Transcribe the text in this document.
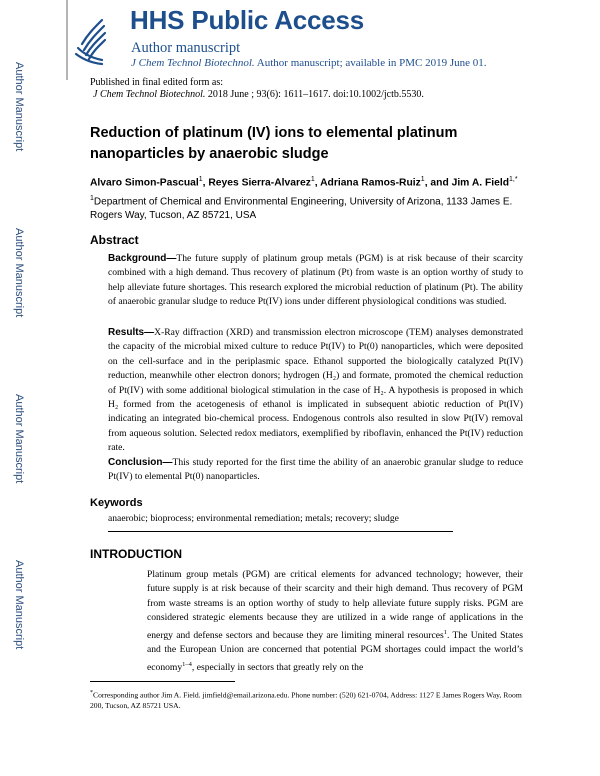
Author Manuscript
Author Manuscript
Author Manuscript
Author Manuscript
HHS Public Access
Author manuscript
J Chem Technol Biotechnol. Author manuscript; available in PMC 2019 June 01.
Published in final edited form as:
J Chem Technol Biotechnol. 2018 June ; 93(6): 1611–1617. doi:10.1002/jctb.5530.
Reduction of platinum (IV) ions to elemental platinum nanoparticles by anaerobic sludge
Alvaro Simon-Pascual$^1$, Reyes Sierra-Alvarez$^1$, Adriana Ramos-Ruiz$^1$, and Jim A. Field$^{1,*}$
$^1$Department of Chemical and Environmental Engineering, University of Arizona, 1133 James E. Rogers Way, Tucson, AZ 85721, USA
Abstract
Background—The future supply of platinum group metals (PGM) is at risk because of their scarcity combined with a high demand. Thus recovery of platinum (Pt) from waste is an option worthy of study to help alleviate future shortages. This research explored the microbial reduction of platinum (Pt). The ability of anaerobic granular sludge to reduce Pt(IV) ions under different physiological conditions was studied.
Results—X-Ray diffraction (XRD) and transmission electron microscope (TEM) analyses demonstrated the capacity of the microbial mixed culture to reduce Pt(IV) to Pt(0) nanoparticles, which were deposited on the cell-surface and in the periplasmic space. Ethanol supported the biologically catalyzed Pt(IV) reduction, meanwhile other electron donors; hydrogen (H₂) and formate, promoted the chemical reduction of Pt(IV) with some additional biological stimulation in the case of H₂. A hypothesis is proposed in which H₂ formed from the acetogenesis of ethanol is implicated in subsequent abiotic reduction of Pt(IV) indicating an integrated bio-chemical process. Endogenous controls also resulted in slow Pt(IV) removal from aqueous solution. Selected redox mediators, exemplified by riboflavin, enhanced the Pt(IV) reduction rate.
Conclusion—This study reported for the first time the ability of an anaerobic granular sludge to reduce Pt(IV) to elemental Pt(0) nanoparticles.
Keywords
anaerobic; bioprocess; environmental remediation; metals; recovery; sludge
INTRODUCTION
Platinum group metals (PGM) are critical elements for advanced technology; however, their future supply is at risk because of their scarcity and their high demand. Thus recovery of PGM from waste streams is an option worthy of study to help alleviate future supply risks. PGM are considered strategic elements because they are utilized in a wide range of applications in the energy and defense sectors and because they are limiting mineral resources$^1$. The United States and the European Union are concerned that potential PGM shortages could impact the world’s economy$^{1-4}$, especially in sectors that greatly rely on the
*Corresponding author Jim A. Field. jimfield@email.arizona.edu. Phone number: (520) 621-0704, Address: 1127 E James Rogers Way, Room 200, Tucson, AZ 85721 USA.
